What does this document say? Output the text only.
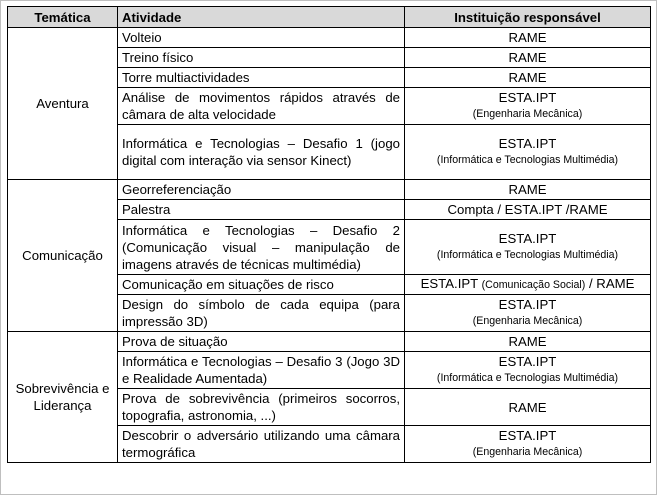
Temática	Atividade	Instituição responsável
Aventura	Volteio	RAME
	Treino físico	RAME
	Torre multiactividades	RAME
	Análise de movimentos rápidos através de câmara de alta velocidade	ESTA.IPT
(Engenharia Mecânica)

	Informática e Tecnologias – Desafio 1 (jogo digital com interação via sensor Kinect)	ESTA.IPT
(Informática e Tecnologias Multimédia)

Comunicação	Georreferenciação	RAME
	Palestra	Compta / ESTA.IPT /RAME
	Informática e Tecnologias – Desafio 2 (Comunicação visual – manipulação de imagens através de técnicas multimédia)	ESTA.IPT
(Informática e Tecnologias Multimédia)

	Comunicação em situações de risco	ESTA.IPT (Comunicação Social) / RAME
	Design do símbolo de cada equipa (para impressão 3D)	ESTA.IPT
(Engenharia Mecânica)

Sobrevivência e Liderança	Prova de situação	RAME
	Informática e Tecnologias – Desafio 3 (Jogo 3D e Realidade Aumentada)	ESTA.IPT
(Informática e Tecnologias Multimédia)

	Prova de sobrevivência (primeiros socorros, topografia, astronomia, ...)	RAME
	Descobrir o adversário utilizando uma câmara termográfica	ESTA.IPT
(Engenharia Mecânica)
